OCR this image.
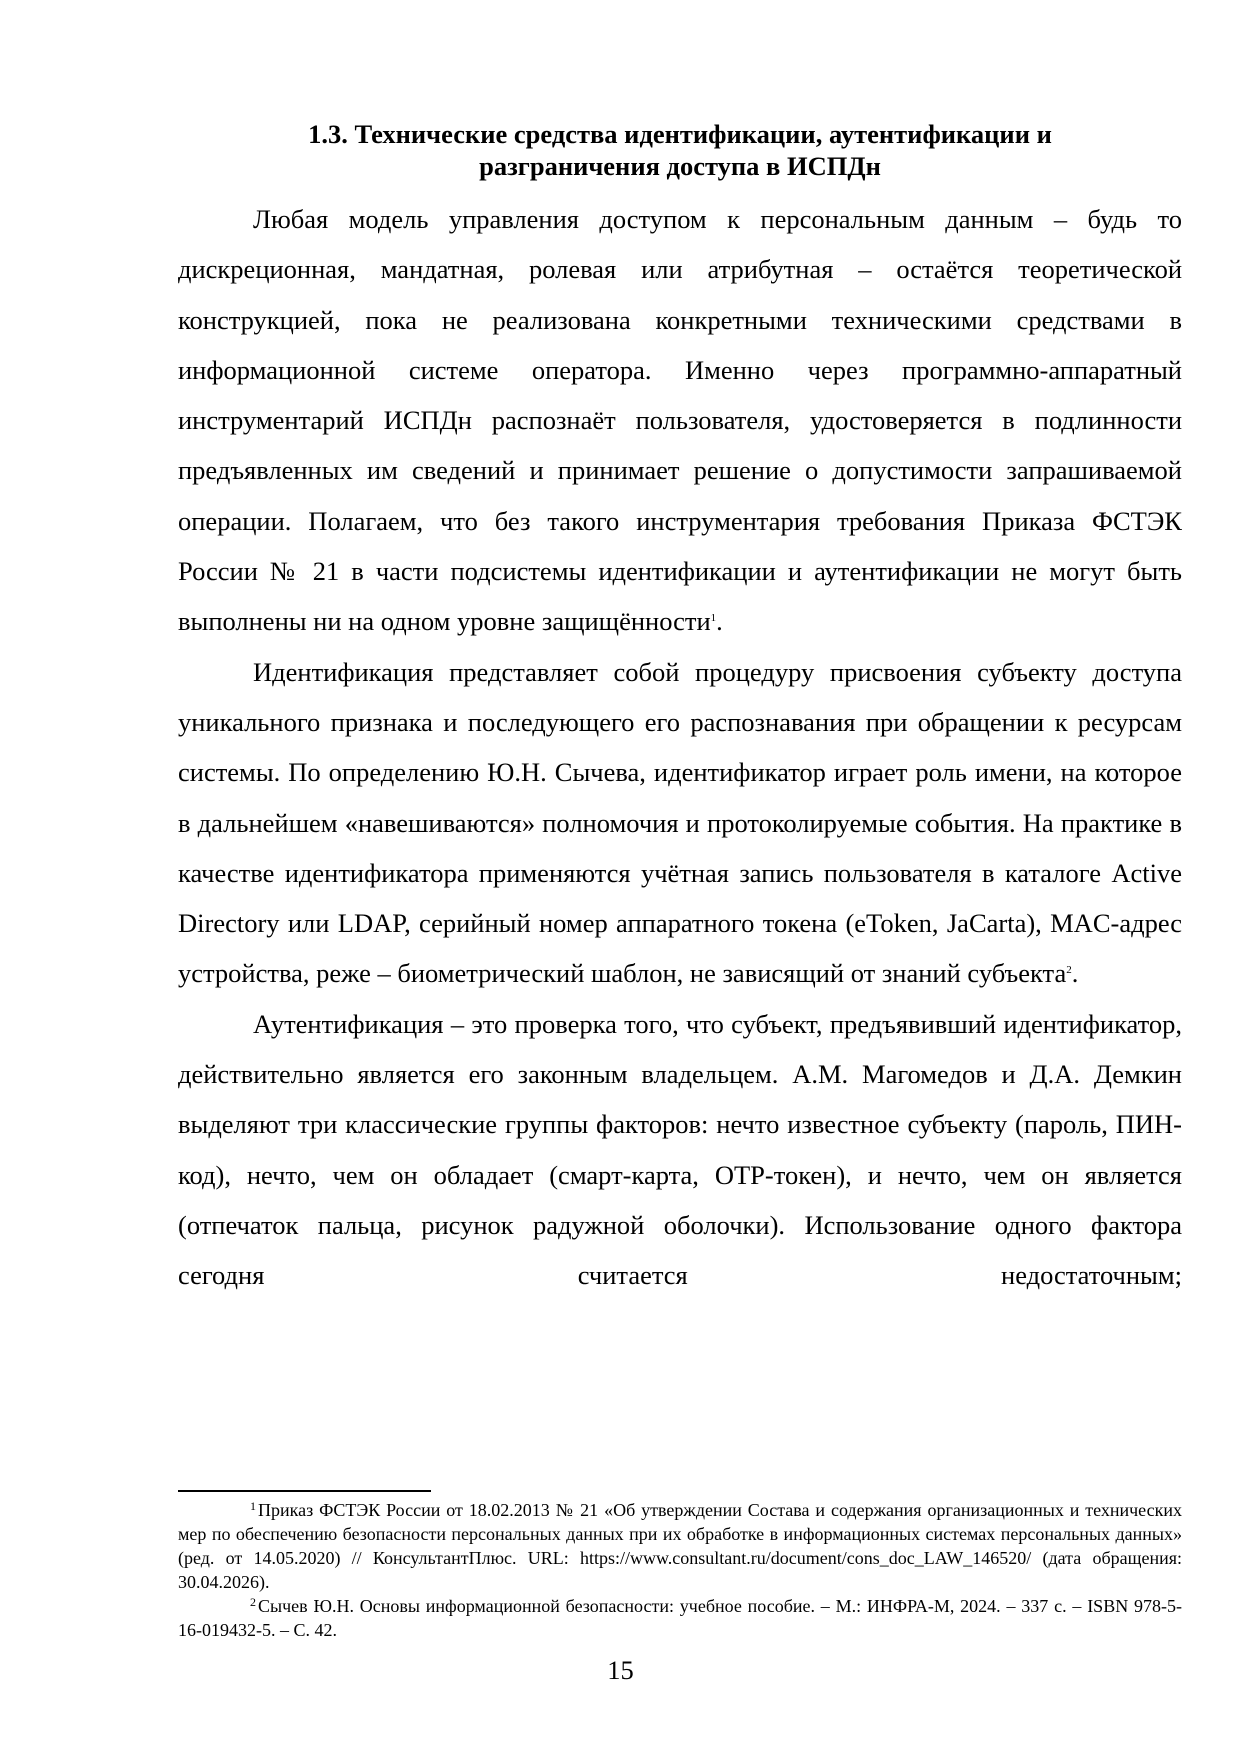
1.3. Технические средства идентификации, аутентификации и
разграничения доступа в ИСПДн

Любая модель управления доступом к персональным данным – будь то дискреционная, мандатная, ролевая или атрибутная – остаётся теоретической конструкцией, пока не реализована конкретными техническими средствами в информационной системе оператора. Именно через программно-аппаратный инструментарий ИСПДн распознаёт пользователя, удостоверяется в подлинности предъявленных им сведений и принимает решение о допустимости запрашиваемой операции. Полагаем, что без такого инструментария требования Приказа ФСТЭК России № 21 в части подсистемы идентификации и аутентификации не могут быть выполнены ни на одном уровне защищённости$^1$.

Идентификация представляет собой процедуру присвоения субъекту доступа уникального признака и последующего его распознавания при обращении к ресурсам системы. По определению Ю.Н. Сычева, идентификатор играет роль имени, на которое в дальнейшем «навешиваются» полномочия и протоколируемые события. На практике в качестве идентификатора применяются учётная запись пользователя в каталоге Active Directory или LDAP, серийный номер аппаратного токена (eToken, JaCarta), MAC-адрес устройства, реже – биометрический шаблон, не зависящий от знаний субъекта$^2$.

Аутентификация – это проверка того, что субъект, предъявивший идентификатор, действительно является его законным владельцем. А.М. Магомедов и Д.А. Демкин выделяют три классические группы факторов: нечто известное субъекту (пароль, ПИН-код), нечто, чем он обладает (смарт-карта, OTP-токен), и нечто, чем он является (отпечаток пальца, рисунок радужной оболочки). Использование одного фактора сегодня считается недостаточным;

$^1$ Приказ ФСТЭК России от 18.02.2013 № 21 «Об утверждении Состава и содержания организационных и технических мер по обеспечению безопасности персональных данных при их обработке в информационных системах персональных данных» (ред. от 14.05.2020) // КонсультантПлюс. URL: https://www.consultant.ru/document/cons_doc_LAW_146520/ (дата обращения: 30.04.2026).

$^2$ Сычев Ю.Н. Основы информационной безопасности: учебное пособие. – М.: ИНФРА-М, 2024. – 337 с. – ISBN 978-5-16-019432-5. – С. 42.

15
